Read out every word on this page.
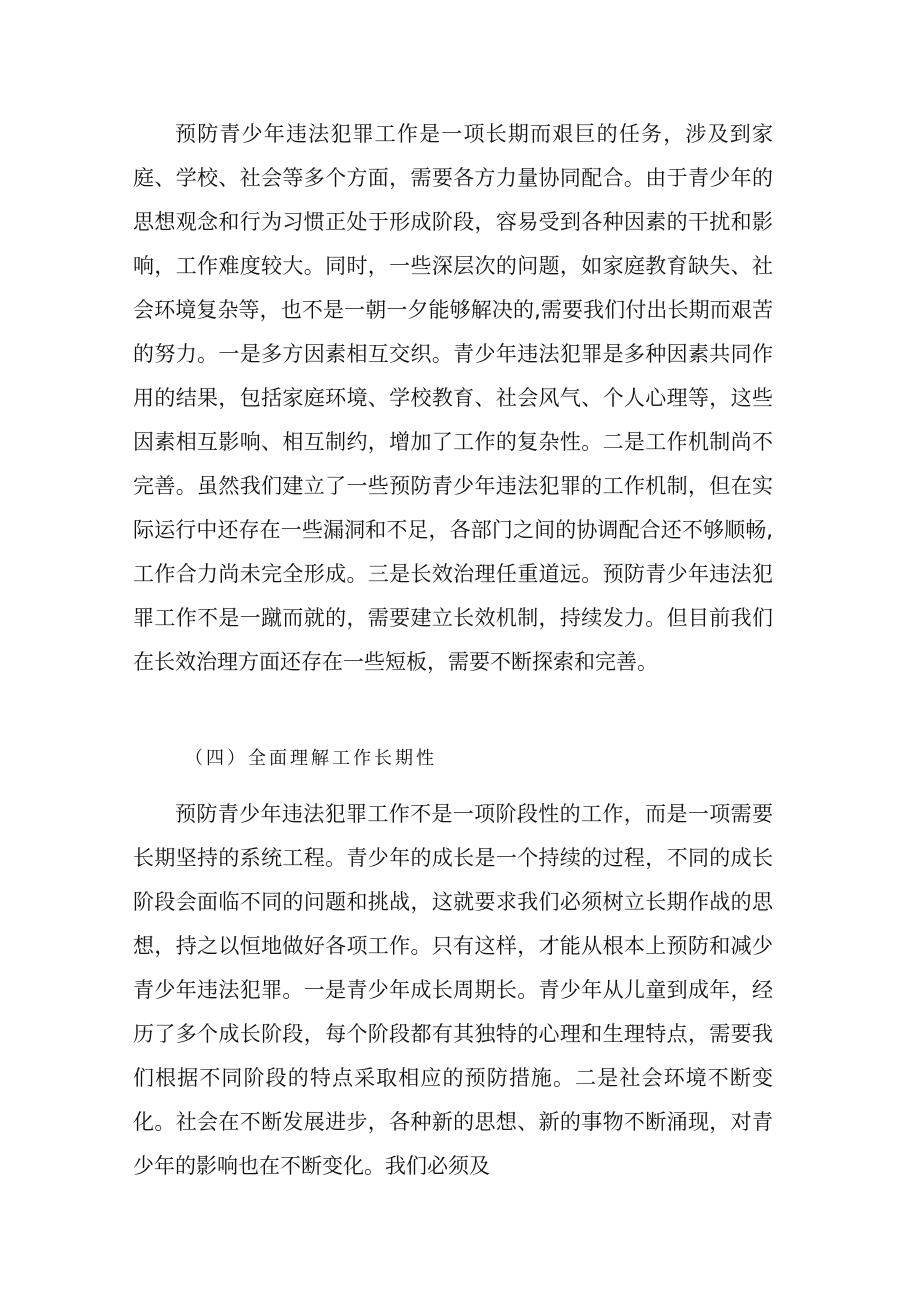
预防青少年违法犯罪工作是一项长期而艰巨的任务，涉及到家庭、学校、社会等多个方面，需要各方力量协同配合。由于青少年的思想观念和行为习惯正处于形成阶段，容易受到各种因素的干扰和影响，工作难度较大。同时，一些深层次的问题，如家庭教育缺失、社会环境复杂等，也不是一朝一夕能够解决的,需要我们付出长期而艰苦的努力。一是多方因素相互交织。青少年违法犯罪是多种因素共同作用的结果，包括家庭环境、学校教育、社会风气、个人心理等，这些因素相互影响、相互制约，增加了工作的复杂性。二是工作机制尚不完善。虽然我们建立了一些预防青少年违法犯罪的工作机制，但在实际运行中还存在一些漏洞和不足，各部门之间的协调配合还不够顺畅,工作合力尚未完全形成。三是长效治理任重道远。预防青少年违法犯罪工作不是一蹴而就的，需要建立长效机制，持续发力。但目前我们在长效治理方面还存在一些短板，需要不断探索和完善。

（四）全面理解工作长期性

预防青少年违法犯罪工作不是一项阶段性的工作，而是一项需要长期坚持的系统工程。青少年的成长是一个持续的过程，不同的成长阶段会面临不同的问题和挑战，这就要求我们必须树立长期作战的思想，持之以恒地做好各项工作。只有这样，才能从根本上预防和减少青少年违法犯罪。一是青少年成长周期长。青少年从儿童到成年，经历了多个成长阶段，每个阶段都有其独特的心理和生理特点，需要我们根据不同阶段的特点采取相应的预防措施。二是社会环境不断变化。社会在不断发展进步，各种新的思想、新的事物不断涌现，对青少年的影响也在不断变化。我们必须及
